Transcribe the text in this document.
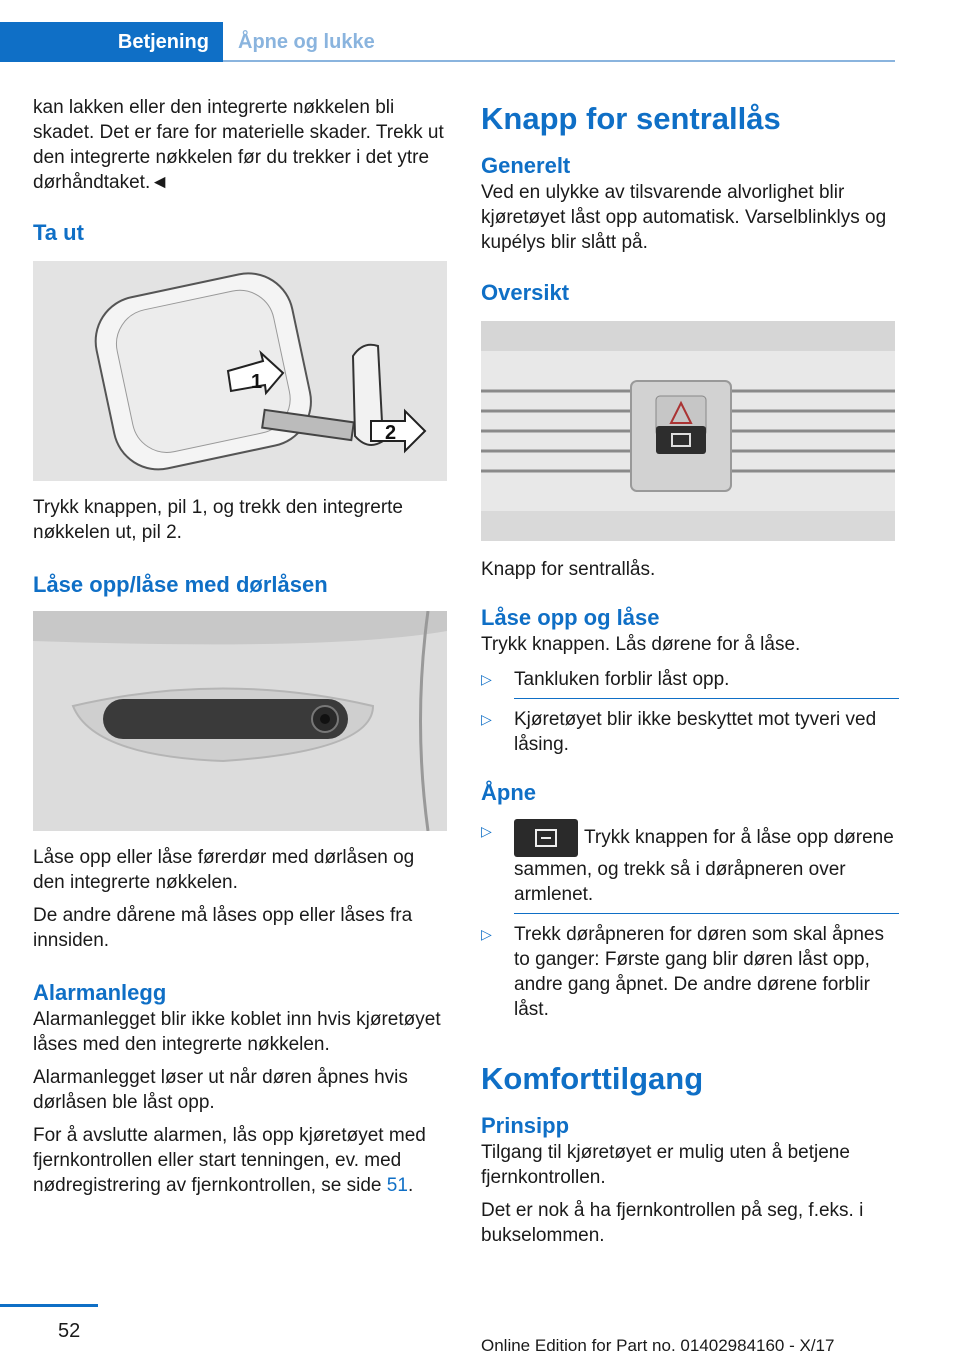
Betjening	Åpne og lukke

kan lakken eller den integrerte nøkkelen bli skadet. Det er fare for materielle skader. Trekk ut den integrerte nøkkelen før du trekker i det ytre dørhåndtaket.◄

Ta ut
1
2

Trykk knappen, pil 1, og trekk den integrerte nøkkelen ut, pil 2.

Låse opp/låse med dørlåsen

Låse opp eller låse førerdør med dørlåsen og den integrerte nøkkelen.

De andre dårene må låses opp eller låses fra innsiden.

Alarmanlegg

Alarmanlegget blir ikke koblet inn hvis kjøretøyet låses med den integrerte nøkkelen.

Alarmanlegget løser ut når døren åpnes hvis dørlåsen ble låst opp.

For å avslutte alarmen, lås opp kjøretøyet med fjernkontrollen eller start tenningen, ev. med nødregistrering av fjernkontrollen, se side 51.

Knapp for sentrallås
Generelt

Ved en ulykke av tilsvarende alvorlighet blir kjøretøyet låst opp automatisk. Varselblinklys og kupélys blir slått på.

Oversikt

Knapp for sentrallås.

Låse opp og låse

Trykk knappen. Lås dørene for å låse.

▷ Tankluken forblir låst opp.
▷ Kjøretøyet blir ikke beskyttet mot tyveri ved låsing.
Åpne
▷	Trykk knappen for å låse opp dørene sammen, og trekk så i døråpneren over armlenet.
▷ Trekk døråpneren for døren som skal åpnes to ganger: Første gang blir døren låst opp, andre gang åpnet. De andre dørene forblir låst.
Komforttilgang
Prinsipp

Tilgang til kjøretøyet er mulig uten å betjene fjernkontrollen.

Det er nok å ha fjernkontrollen på seg, f.eks. i bukselommen.

52
Online Edition for Part no. 01402984160 - X/17
